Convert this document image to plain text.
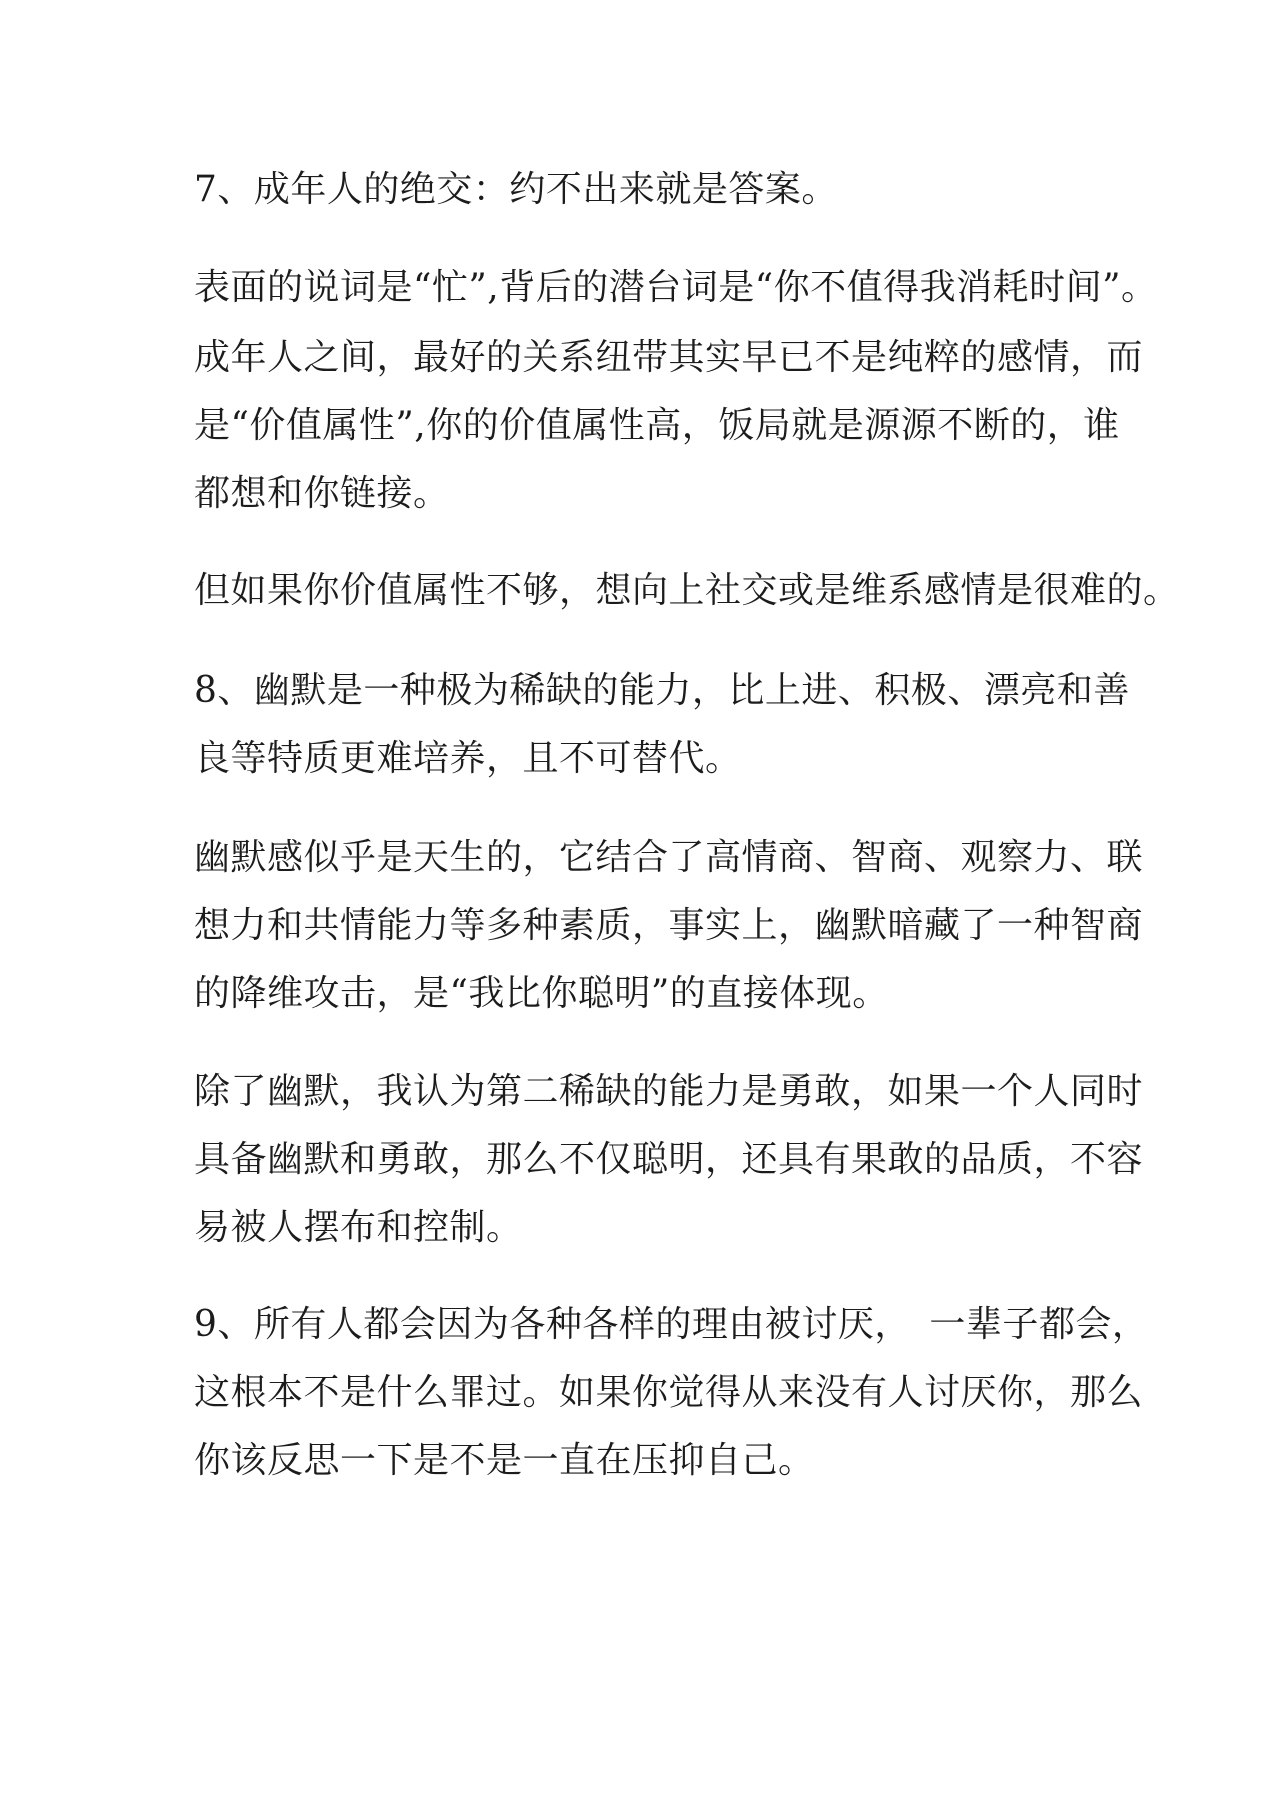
7、成年人的绝交：约不出来就是答案。

表面的说词是“忙”,背后的潜台词是“你不值得我消耗时间”。

成年人之间，最好的关系纽带其实早已不是纯粹的感情，而

是“价值属性”,你的价值属性高，饭局就是源源不断的，谁

都想和你链接。

但如果你价值属性不够，想向上社交或是维系感情是很难的。

8、幽默是一种极为稀缺的能力，比上进、积极、漂亮和善

良等特质更难培养，且不可替代。

幽默感似乎是天生的，它结合了高情商、智商、观察力、联

想力和共情能力等多种素质，事实上，幽默暗藏了一种智商

的降维攻击，是“我比你聪明”的直接体现。

除了幽默，我认为第二稀缺的能力是勇敢，如果一个人同时

具备幽默和勇敢，那么不仅聪明，还具有果敢的品质，不容

易被人摆布和控制。

9、所有人都会因为各种各样的理由被讨厌，　一辈子都会，

这根本不是什么罪过。如果你觉得从来没有人讨厌你，那么

你该反思一下是不是一直在压抑自己。
